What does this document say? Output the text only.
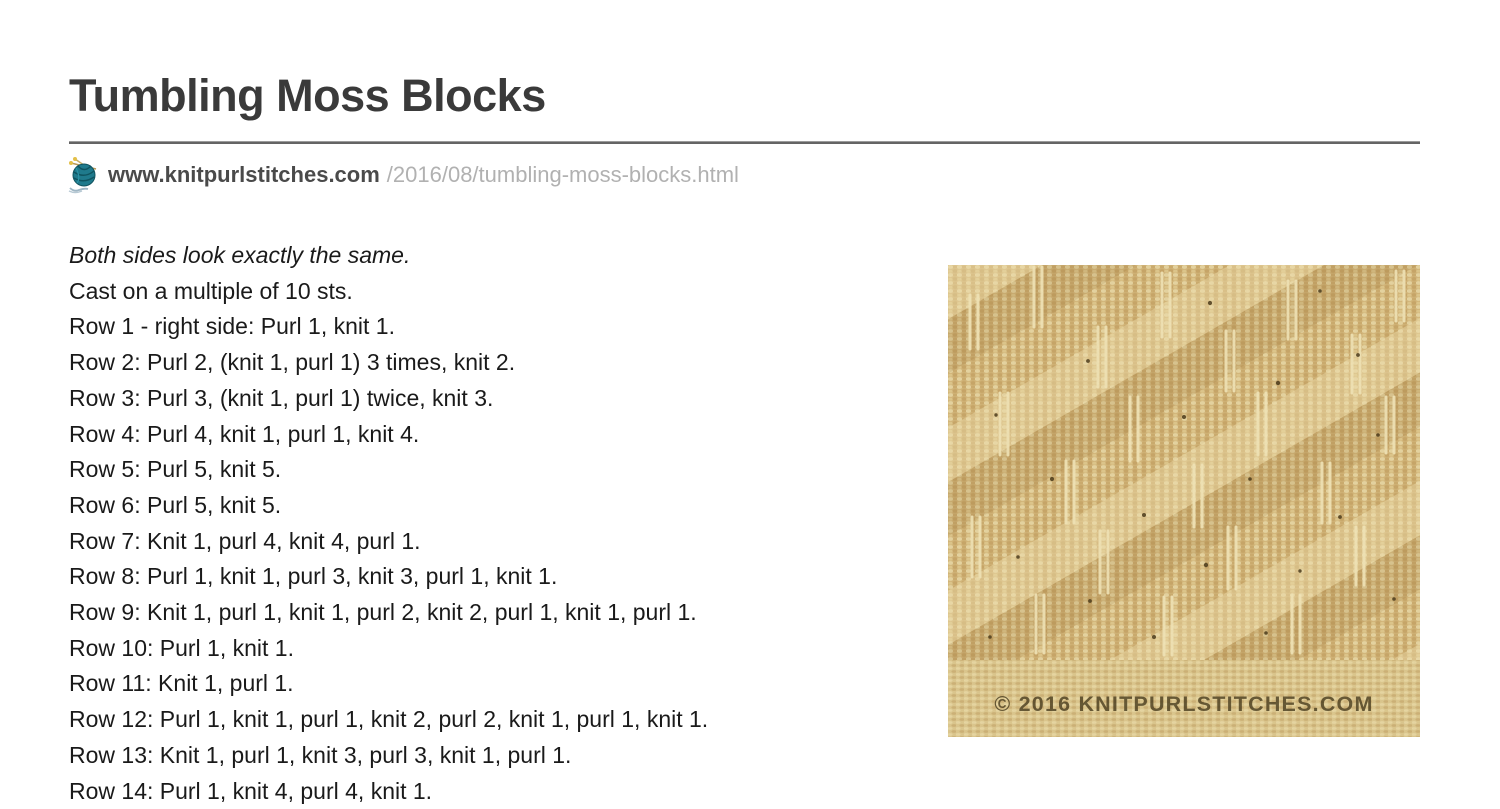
Tumbling Moss Blocks
www.knitpurlstitches.com /2016/08/tumbling-moss-blocks.html
Both sides look exactly the same.
Cast on a multiple of 10 sts.
Row 1 - right side: Purl 1, knit 1.
Row 2: Purl 2, (knit 1, purl 1) 3 times, knit 2.
Row 3: Purl 3, (knit 1, purl 1) twice, knit 3.
Row 4: Purl 4, knit 1, purl 1, knit 4.
Row 5: Purl 5, knit 5.
Row 6: Purl 5, knit 5.
Row 7: Knit 1, purl 4, knit 4, purl 1.
Row 8: Purl 1, knit 1, purl 3, knit 3, purl 1, knit 1.
Row 9: Knit 1, purl 1, knit 1, purl 2, knit 2, purl 1, knit 1, purl 1.
Row 10: Purl 1, knit 1.
Row 11: Knit 1, purl 1.
Row 12: Purl 1, knit 1, purl 1, knit 2, purl 2, knit 1, purl 1, knit 1.
Row 13: Knit 1, purl 1, knit 3, purl 3, knit 1, purl 1.
Row 14: Purl 1, knit 4, purl 4, knit 1.
